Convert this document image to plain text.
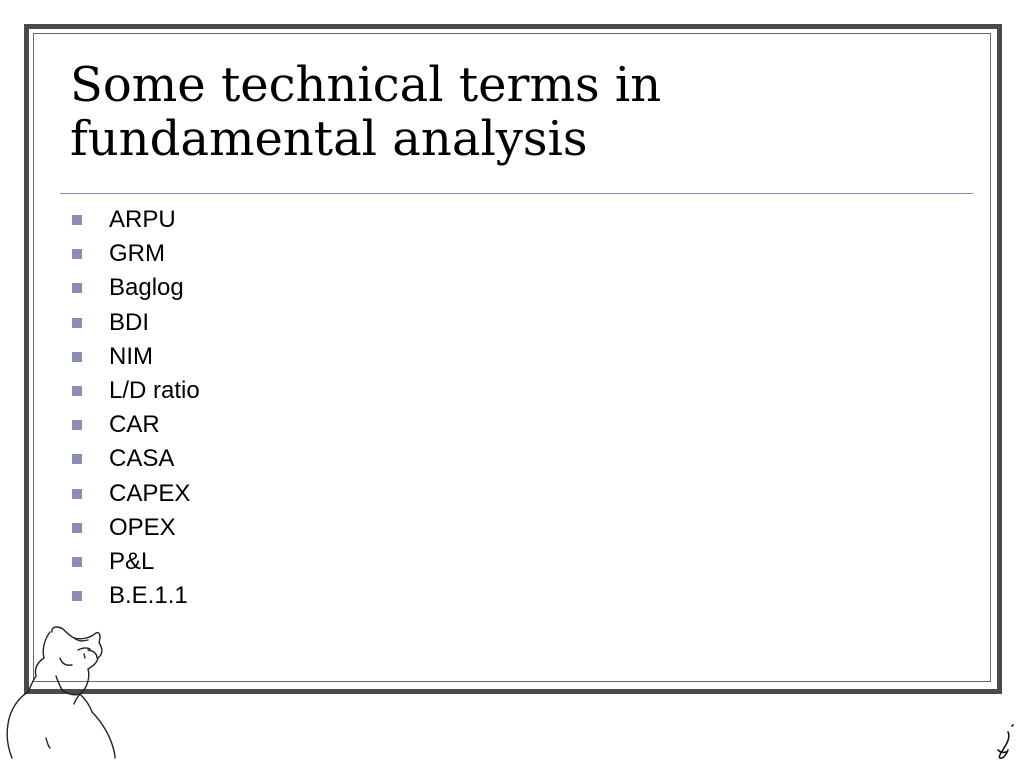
Some technical terms in fundamental analysis
ARPU
GRM
Baglog
BDI
NIM
L/D ratio
CAR
CASA
CAPEX
OPEX
P&L
B.E.1.1
